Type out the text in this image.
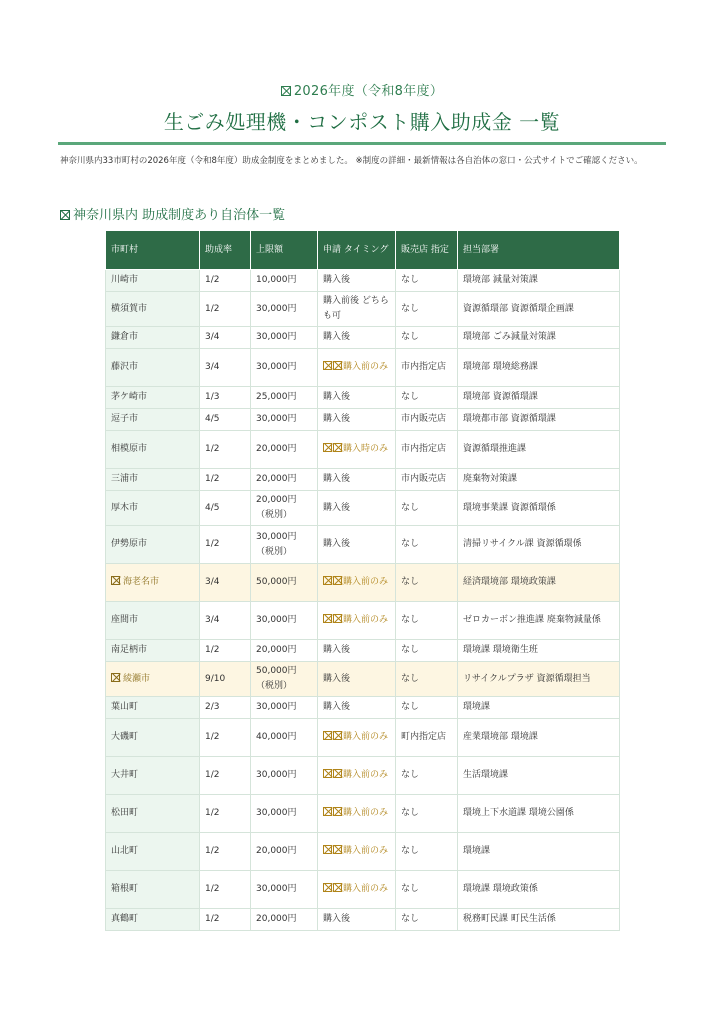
2026年度（令和8年度）
生ごみ処理機・コンポスト購入助成金 一覧
神奈川県内33市町村の2026年度（令和8年度）助成金制度をまとめました。 ※制度の詳細・最新情報は各自治体の窓口・公式サイトでご確認ください。
神奈川県内 助成制度あり自治体一覧
市町村	助成率	上限額	申請 タイミング	販売店 指定	担当部署
川崎市	1/2	10,000円	購入後	なし	環境部 減量対策課
横須賀市	1/2	30,000円	購入前後 どちらも可	なし	資源循環部 資源循環企画課
鎌倉市	3/4	30,000円	購入後	なし	環境部 ごみ減量対策課
藤沢市	3/4	30,000円	購入前のみ	市内指定店	環境部 環境総務課
茅ケ崎市	1/3	25,000円	購入後	なし	環境部 資源循環課
逗子市	4/5	30,000円	購入後	市内販売店	環境都市部 資源循環課
相模原市	1/2	20,000円	購入時のみ	市内指定店	資源循環推進課
三浦市	1/2	20,000円	購入後	市内販売店	廃棄物対策課
厚木市	4/5	20,000円（税別）	購入後	なし	環境事業課 資源循環係
伊勢原市	1/2	30,000円（税別）	購入後	なし	清掃リサイクル課 資源循環係
海老名市	3/4	50,000円	購入前のみ	なし	経済環境部 環境政策課
座間市	3/4	30,000円	購入前のみ	なし	ゼロカーボン推進課 廃棄物減量係
南足柄市	1/2	20,000円	購入後	なし	環境課 環境衛生班
綾瀬市	9/10	50,000円（税別）	購入後	なし	リサイクルプラザ 資源循環担当
葉山町	2/3	30,000円	購入後	なし	環境課
大磯町	1/2	40,000円	購入前のみ	町内指定店	産業環境部 環境課
大井町	1/2	30,000円	購入前のみ	なし	生活環境課
松田町	1/2	30,000円	購入前のみ	なし	環境上下水道課 環境公園係
山北町	1/2	20,000円	購入前のみ	なし	環境課
箱根町	1/2	30,000円	購入前のみ	なし	環境課 環境政策係
真鶴町	1/2	20,000円	購入後	なし	税務町民課 町民生活係
